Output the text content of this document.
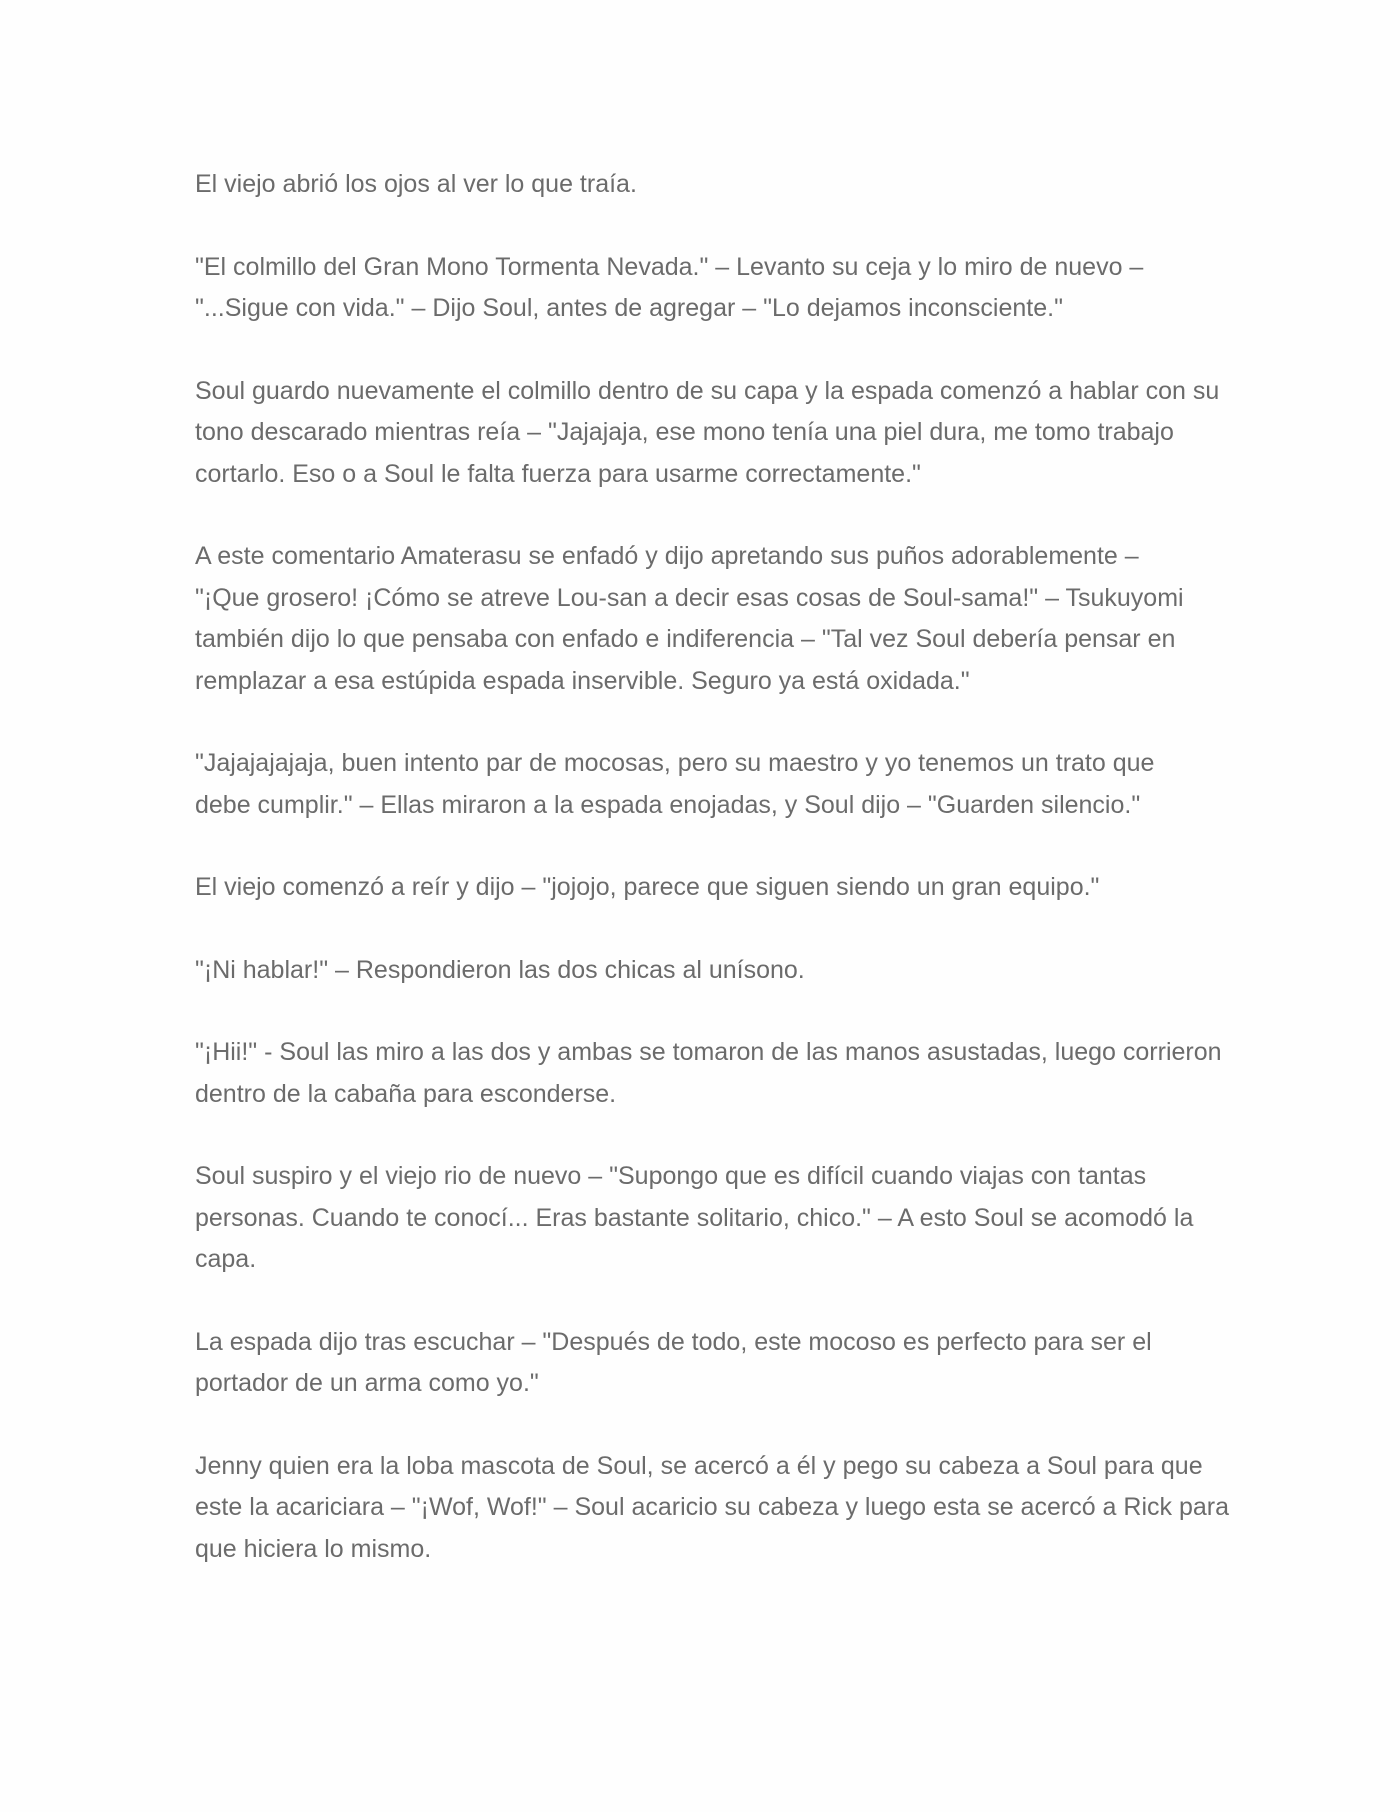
El viejo abrió los ojos al ver lo que traía.

"El colmillo del Gran Mono Tormenta Nevada." – Levanto su ceja y lo miro de nuevo –
"...Sigue con vida." – Dijo Soul, antes de agregar – "Lo dejamos inconsciente."

Soul guardo nuevamente el colmillo dentro de su capa y la espada comenzó a hablar con su
tono descarado mientras reía – "Jajajaja, ese mono tenía una piel dura, me tomo trabajo
cortarlo. Eso o a Soul le falta fuerza para usarme correctamente."

A este comentario Amaterasu se enfadó y dijo apretando sus puños adorablemente –
"¡Que grosero! ¡Cómo se atreve Lou-san a decir esas cosas de Soul-sama!" – Tsukuyomi
también dijo lo que pensaba con enfado e indiferencia – "Tal vez Soul debería pensar en
remplazar a esa estúpida espada inservible. Seguro ya está oxidada."

"Jajajajajaja, buen intento par de mocosas, pero su maestro y yo tenemos un trato que
debe cumplir." – Ellas miraron a la espada enojadas, y Soul dijo – "Guarden silencio."

El viejo comenzó a reír y dijo – "jojojo, parece que siguen siendo un gran equipo."

"¡Ni hablar!" – Respondieron las dos chicas al unísono.

"¡Hii!" - Soul las miro a las dos y ambas se tomaron de las manos asustadas, luego corrieron
dentro de la cabaña para esconderse.

Soul suspiro y el viejo rio de nuevo – "Supongo que es difícil cuando viajas con tantas
personas. Cuando te conocí... Eras bastante solitario, chico." – A esto Soul se acomodó la
capa.

La espada dijo tras escuchar – "Después de todo, este mocoso es perfecto para ser el
portador de un arma como yo."

Jenny quien era la loba mascota de Soul, se acercó a él y pego su cabeza a Soul para que
este la acariciara – "¡Wof, Wof!" – Soul acaricio su cabeza y luego esta se acercó a Rick para
que hiciera lo mismo.
